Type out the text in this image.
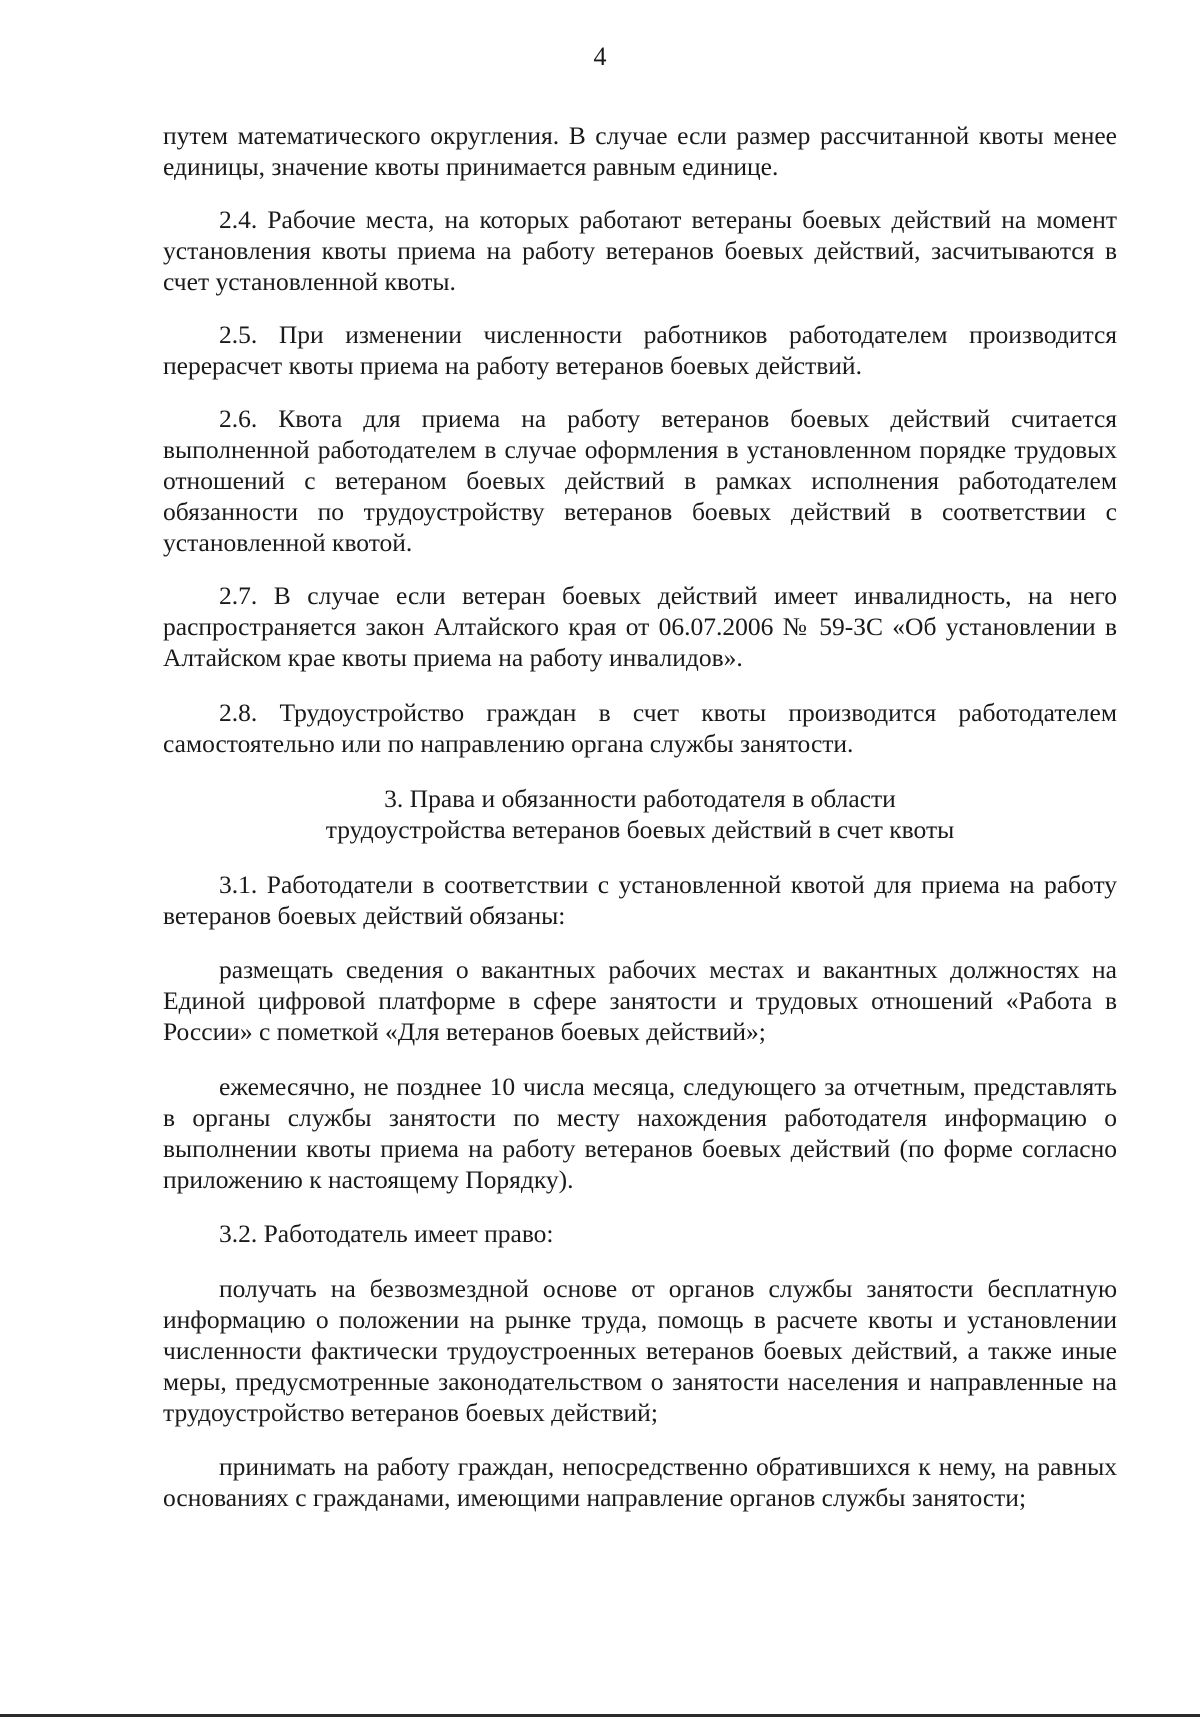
4

путем математического округления. В случае если размер рассчитанной квоты менее единицы, значение квоты принимается равным единице.

2.4. Рабочие места, на которых работают ветераны боевых действий на момент установления квоты приема на работу ветеранов боевых действий, засчитываются в счет установленной квоты.

2.5. При изменении численности работников работодателем производится перерасчет квоты приема на работу ветеранов боевых действий.

2.6. Квота для приема на работу ветеранов боевых действий считается выполненной работодателем в случае оформления в установленном порядке трудовых отношений с ветераном боевых действий в рамках исполнения работодателем обязанности по трудоустройству ветеранов боевых действий в соответствии с установленной квотой.

2.7. В случае если ветеран боевых действий имеет инвалидность, на него распространяется закон Алтайского края от 06.07.2006 № 59-ЗС «Об установлении в Алтайском крае квоты приема на работу инвалидов».

2.8. Трудоустройство граждан в счет квоты производится работодателем самостоятельно или по направлению органа службы занятости.

3. Права и обязанности работодателя в области
трудоустройства ветеранов боевых действий в счет квоты

3.1. Работодатели в соответствии с установленной квотой для приема на работу ветеранов боевых действий обязаны:

размещать сведения о вакантных рабочих местах и вакантных должностях на Единой цифровой платформе в сфере занятости и трудовых отношений «Работа в России» с пометкой «Для ветеранов боевых действий»;

ежемесячно, не позднее 10 числа месяца, следующего за отчетным, представлять в органы службы занятости по месту нахождения работодателя информацию о выполнении квоты приема на работу ветеранов боевых действий (по форме согласно приложению к настоящему Порядку).

3.2. Работодатель имеет право:

получать на безвозмездной основе от органов службы занятости бесплатную информацию о положении на рынке труда, помощь в расчете квоты и установлении численности фактически трудоустроенных ветеранов боевых действий, а также иные меры, предусмотренные законодательством о занятости населения и направленные на трудоустройство ветеранов боевых действий;

принимать на работу граждан, непосредственно обратившихся к нему, на равных основаниях с гражданами, имеющими направление органов службы занятости;
